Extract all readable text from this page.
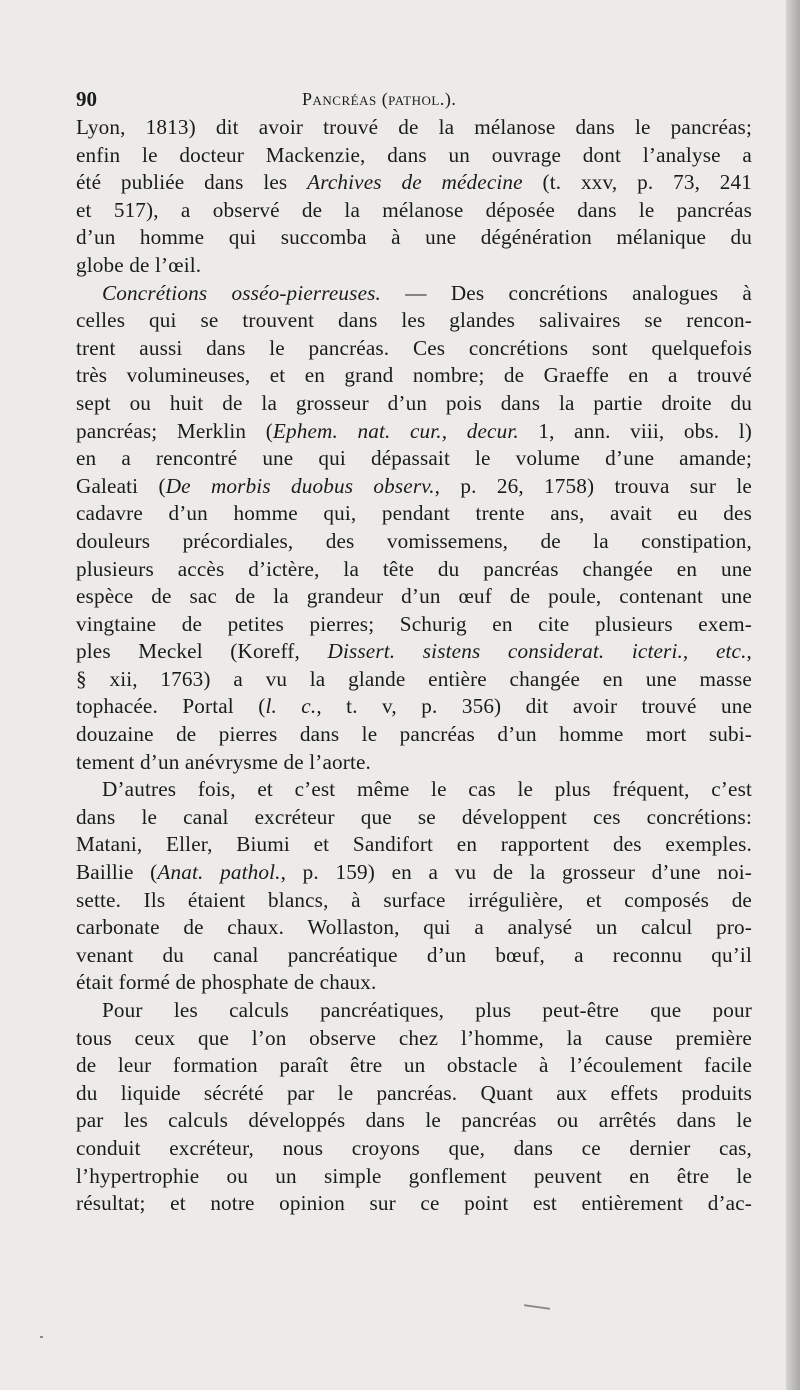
90	Pancréas (pathol.).
Lyon, 1813) dit avoir trouvé de la mélanose dans le pancréas;
enfin le docteur Mackenzie, dans un ouvrage dont l’analyse a
été publiée dans les Archives de médecine (t. xxv, p. 73, 241
et 517), a observé de la mélanose déposée dans le pancréas
d’un homme qui succomba à une dégénération mélanique du
globe de l’œil.
Concrétions osséo-pierreuses. — Des concrétions analogues à
celles qui se trouvent dans les glandes salivaires se rencon-
trent aussi dans le pancréas. Ces concrétions sont quelquefois
très volumineuses, et en grand nombre; de Graeffe en a trouvé
sept ou huit de la grosseur d’un pois dans la partie droite du
pancréas; Merklin (Ephem. nat. cur., decur. 1, ann. viii, obs. l)
en a rencontré une qui dépassait le volume d’une amande;
Galeati (De morbis duobus observ., p. 26, 1758) trouva sur le
cadavre d’un homme qui, pendant trente ans, avait eu des
douleurs précordiales, des vomissemens, de la constipation,
plusieurs accès d’ictère, la tête du pancréas changée en une
espèce de sac de la grandeur d’un œuf de poule, contenant une
vingtaine de petites pierres; Schurig en cite plusieurs exem-
ples Meckel (Koreff, Dissert. sistens considerat. icteri., etc.,
§ xii, 1763) a vu la glande entière changée en une masse
tophacée. Portal (l. c., t. v, p. 356) dit avoir trouvé une
douzaine de pierres dans le pancréas d’un homme mort subi-
tement d’un anévrysme de l’aorte.
D’autres fois, et c’est même le cas le plus fréquent, c’est
dans le canal excréteur que se développent ces concrétions:
Matani, Eller, Biumi et Sandifort en rapportent des exemples.
Baillie (Anat. pathol., p. 159) en a vu de la grosseur d’une noi-
sette. Ils étaient blancs, à surface irrégulière, et composés de
carbonate de chaux. Wollaston, qui a analysé un calcul pro-
venant du canal pancréatique d’un bœuf, a reconnu qu’il
était formé de phosphate de chaux.
Pour les calculs pancréatiques, plus peut-être que pour
tous ceux que l’on observe chez l’homme, la cause première
de leur formation paraît être un obstacle à l’écoulement facile
du liquide sécrété par le pancréas. Quant aux effets produits
par les calculs développés dans le pancréas ou arrêtés dans le
conduit excréteur, nous croyons que, dans ce dernier cas,
l’hypertrophie ou un simple gonflement peuvent en être le
résultat; et notre opinion sur ce point est entièrement d’ac-
